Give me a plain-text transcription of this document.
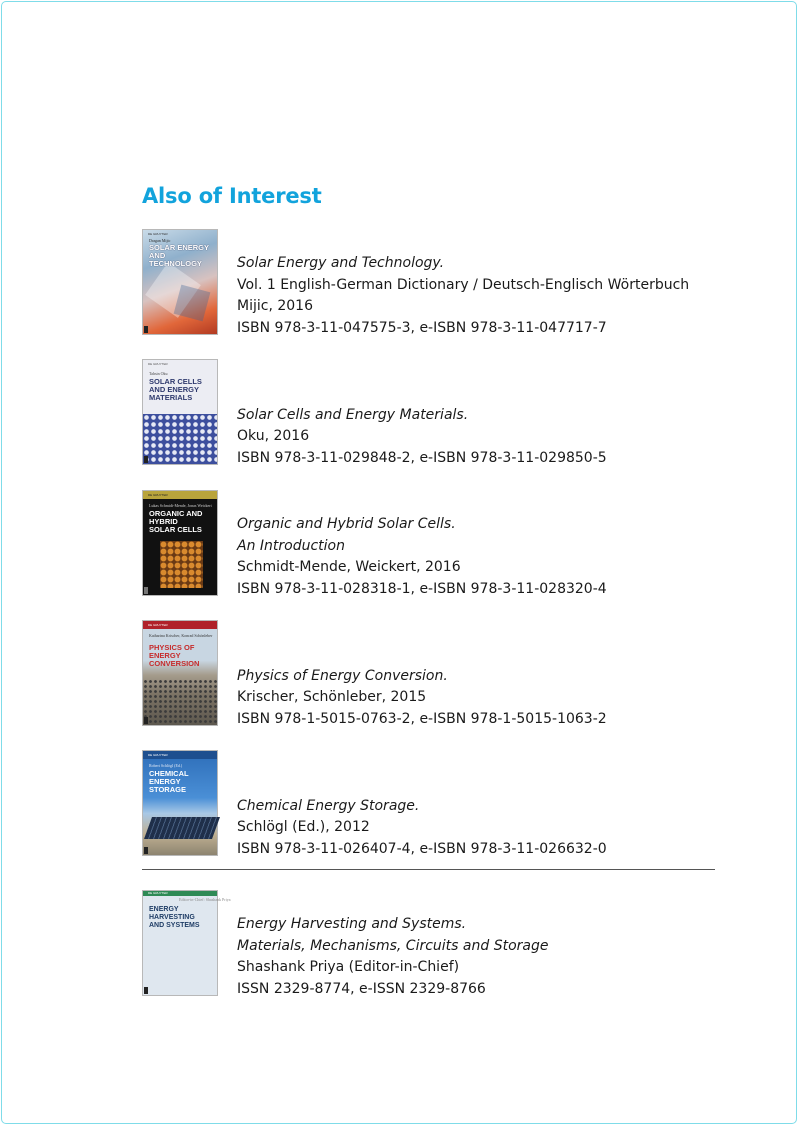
Also of Interest
DE GRUYTER
Dragan Mijic
SOLAR ENERGY
AND TECHNOLOGY	Solar Energy and Technology.
Vol. 1 English-German Dictionary / Deutsch-Englisch Wörterbuch
Mijic, 2016
ISBN 978-3-11-047575-3, e-ISBN 978-3-11-047717-7
DE GRUYTER
Tahsin Oku
SOLAR CELLS
AND ENERGY
MATERIALS
Solar Cells and Energy Materials.
Oku, 2016
ISBN 978-3-11-029848-2, e-ISBN 978-3-11-029850-5
DE GRUYTER
Lukas Schmidt-Mende, Jonas Weickert
ORGANIC AND
HYBRID
SOLAR CELLS	Organic and Hybrid Solar Cells.
An Introduction
Schmidt-Mende, Weickert, 2016
ISBN 978-3-11-028318-1, e-ISBN 978-3-11-028320-4
DE GRUYTER
Katharina Krischer, Konrad Schönleber
PHYSICS OF
ENERGY
CONVERSION
Physics of Energy Conversion.
Krischer, Schönleber, 2015
ISBN 978-1-5015-0763-2, e-ISBN 978-1-5015-1063-2
DE GRUYTER
Robert Schlögl (Ed.)
CHEMICAL
ENERGY
STORAGE
Chemical Energy Storage.
Schlögl (Ed.), 2012
ISBN 978-3-11-026407-4, e-ISBN 978-3-11-026632-0
DE GRUYTER
Editor-in-Chief: Shashank Priya
ENERGY
HARVESTING
AND SYSTEMS	Energy Harvesting and Systems.
Materials, Mechanisms, Circuits and Storage
Shashank Priya (Editor-in-Chief)
ISSN 2329-8774, e-ISSN 2329-8766
